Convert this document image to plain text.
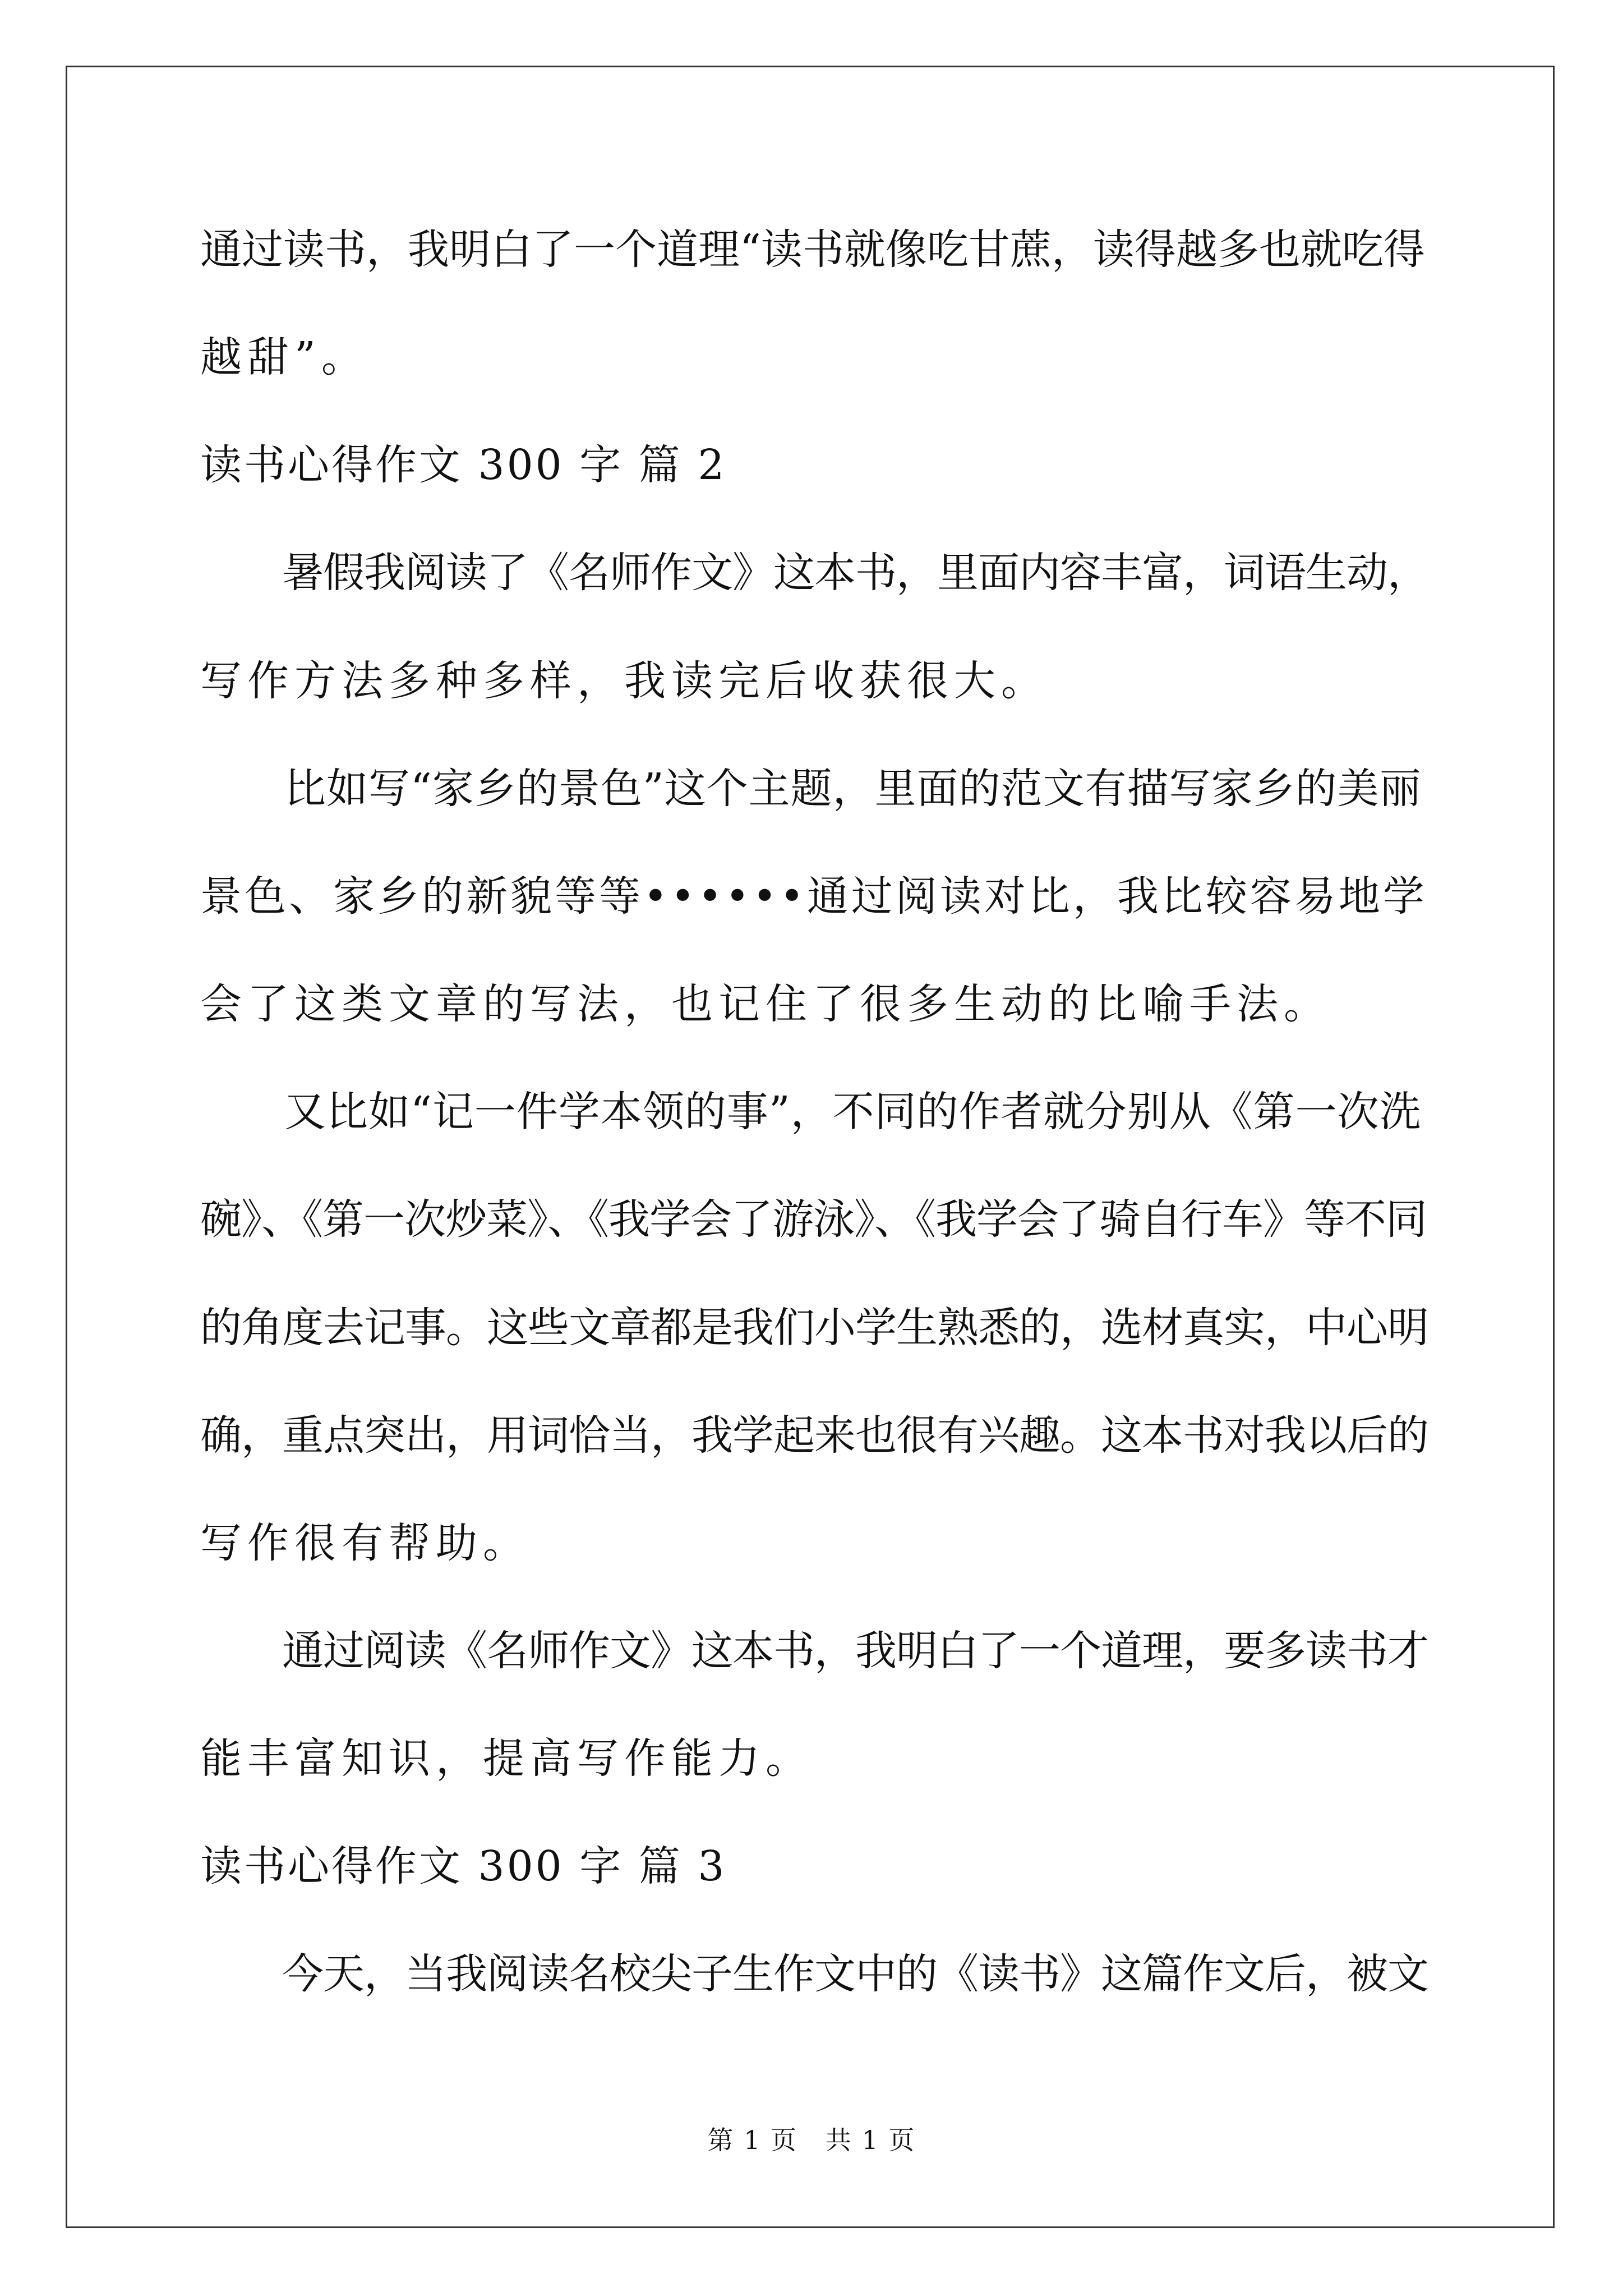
通过读书，我明白了一个道理“读书就像吃甘蔗，读得越多也就吃得

越甜”。

读书心得作文 300 字 篇 2

　　暑假我阅读了《名师作文》这本书，里面内容丰富，词语生动，

写作方法多种多样，我读完后收获很大。

　　比如写“家乡的景色”这个主题，里面的范文有描写家乡的美丽

景色、家乡的新貌等等••••••通过阅读对比，我比较容易地学

会了这类文章的写法，也记住了很多生动的比喻手法。

　　又比如“记一件学本领的事”，不同的作者就分别从《第一次洗

碗》、《第一次炒菜》、《我学会了游泳》、《我学会了骑自行车》等不同

的角度去记事。这些文章都是我们小学生熟悉的，选材真实，中心明

确，重点突出，用词恰当，我学起来也很有兴趣。这本书对我以后的

写作很有帮助。

　　通过阅读《名师作文》这本书，我明白了一个道理，要多读书才

能丰富知识，提高写作能力。

读书心得作文 300 字 篇 3

　　今天，当我阅读名校尖子生作文中的《读书》这篇作文后，被文

第 1 页   共 1 页
